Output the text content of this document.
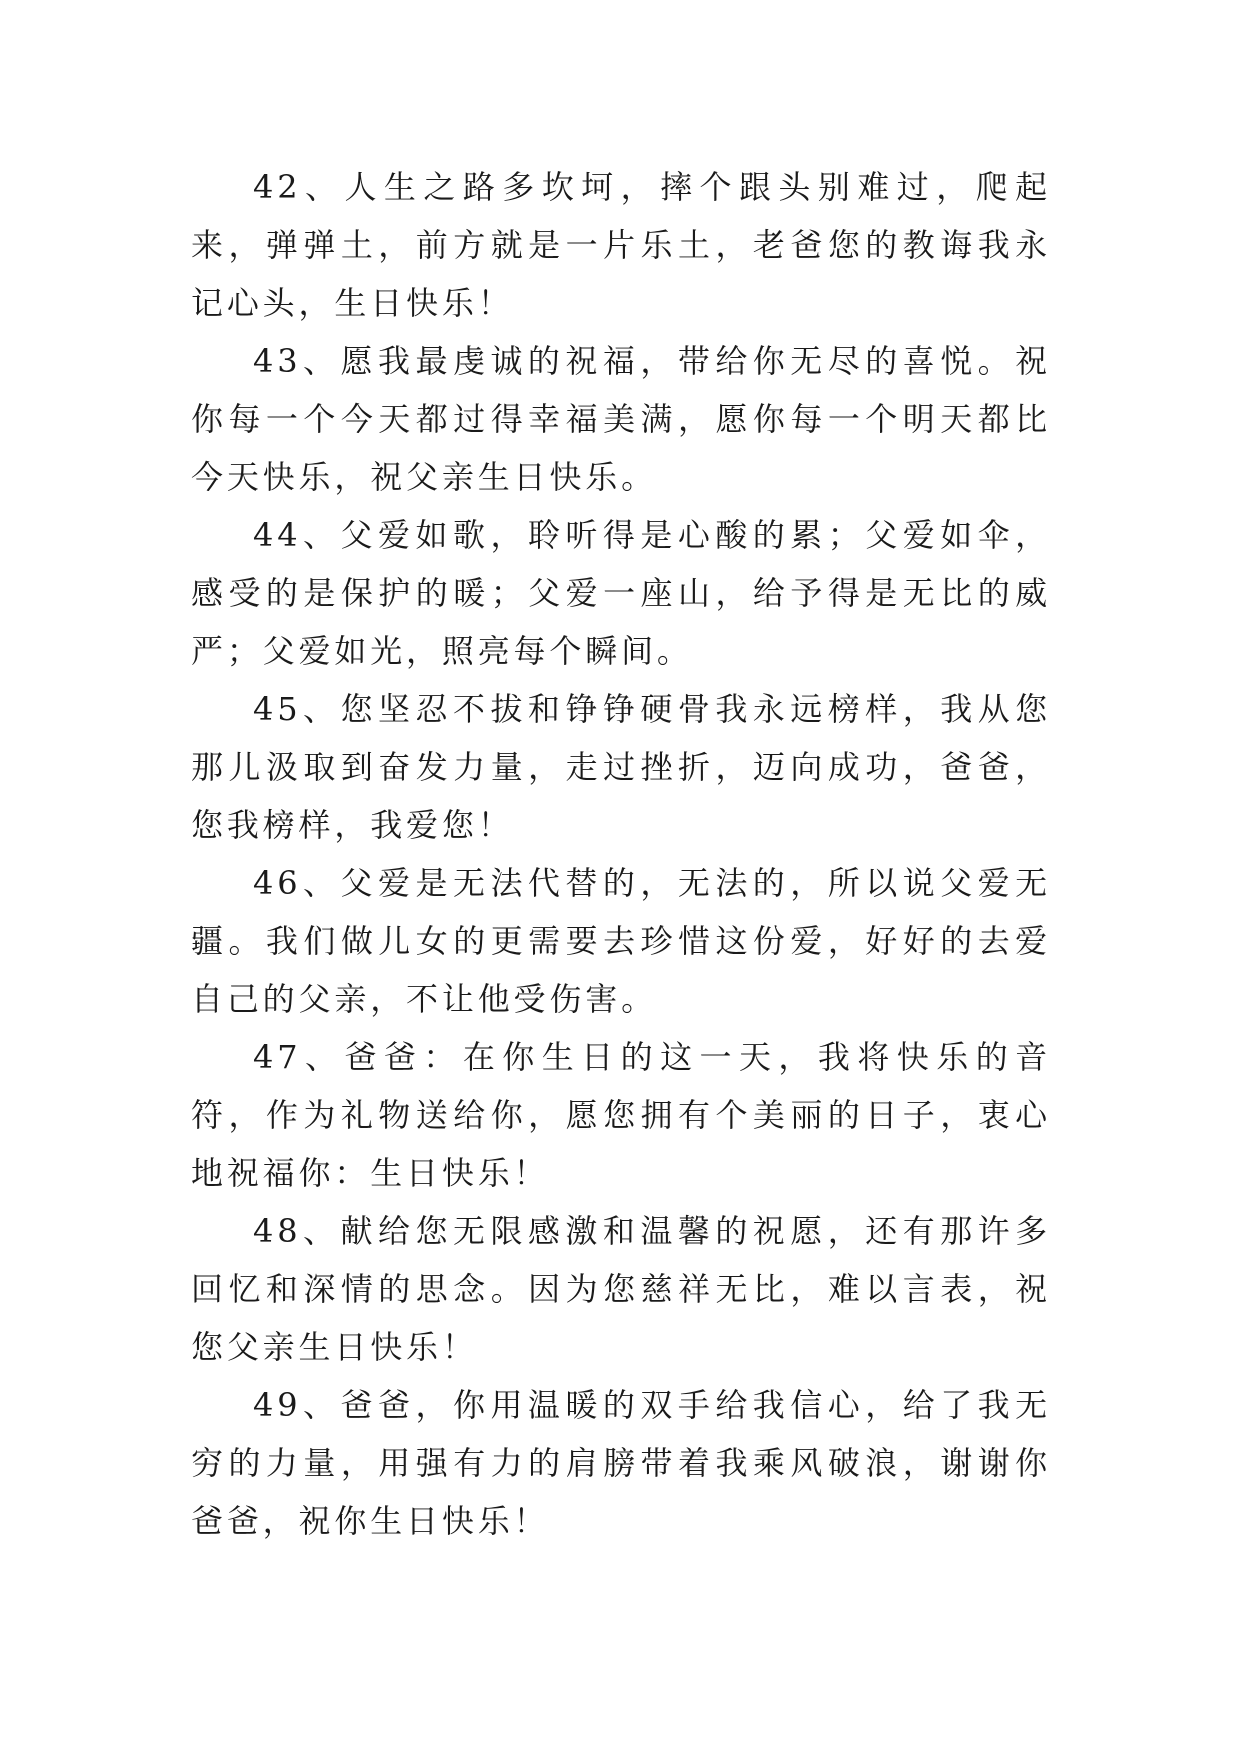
42、人生之路多坎坷，摔个跟头别难过，爬起来，弹弹土，前方就是一片乐土，老爸您的教诲我永记心头，生日快乐！

43、愿我最虔诚的祝福，带给你无尽的喜悦。祝你每一个今天都过得幸福美满，愿你每一个明天都比今天快乐，祝父亲生日快乐。

44、父爱如歌，聆听得是心酸的累；父爱如伞，感受的是保护的暖；父爱一座山，给予得是无比的威严；父爱如光，照亮每个瞬间。

45、您坚忍不拔和铮铮硬骨我永远榜样，我从您那儿汲取到奋发力量，走过挫折，迈向成功，爸爸，您我榜样，我爱您！

46、父爱是无法代替的，无法的，所以说父爱无疆。我们做儿女的更需要去珍惜这份爱，好好的去爱自己的父亲，不让他受伤害。

47、爸爸：在你生日的这一天，我将快乐的音符，作为礼物送给你，愿您拥有个美丽的日子，衷心地祝福你：生日快乐！

48、献给您无限感激和温馨的祝愿，还有那许多回忆和深情的思念。因为您慈祥无比，难以言表，祝您父亲生日快乐！

49、爸爸，你用温暖的双手给我信心，给了我无穷的力量，用强有力的肩膀带着我乘风破浪，谢谢你爸爸，祝你生日快乐！
